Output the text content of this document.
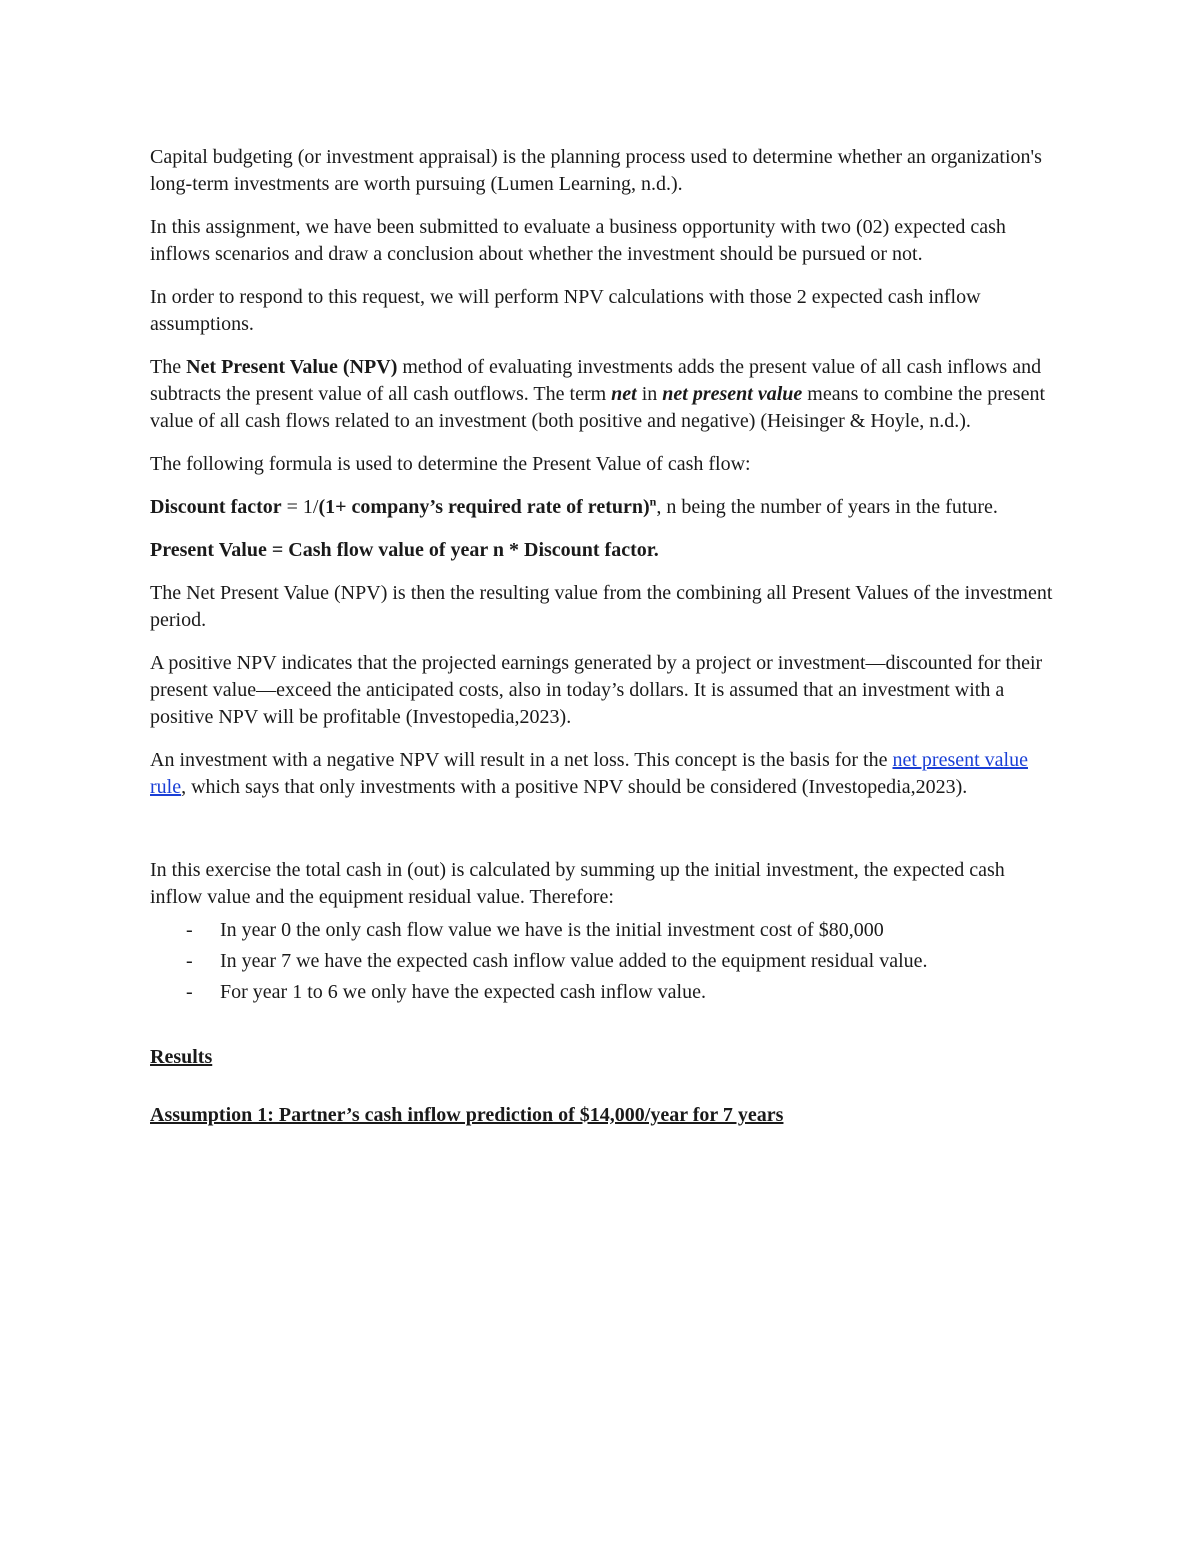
Capital budgeting (or investment appraisal) is the planning process used to determine whether an organization's long-term investments are worth pursuing (Lumen Learning, n.d.).

In this assignment, we have been submitted to evaluate a business opportunity with two (02) expected cash inflows scenarios and draw a conclusion about whether the investment should be pursued or not.

In order to respond to this request, we will perform NPV calculations with those 2 expected cash inflow assumptions.

The Net Present Value (NPV) method of evaluating investments adds the present value of all cash inflows and subtracts the present value of all cash outflows. The term net in net present value means to combine the present value of all cash flows related to an investment (both positive and negative) (Heisinger & Hoyle, n.d.).

The following formula is used to determine the Present Value of cash flow:

Discount factor = 1/(1+ company’s required rate of return)$^n$, n being the number of years in the future.

Present Value = Cash flow value of year n * Discount factor.

The Net Present Value (NPV) is then the resulting value from the combining all Present Values of the investment period.

A positive NPV indicates that the projected earnings generated by a project or investment—discounted for their present value—exceed the anticipated costs, also in today’s dollars. It is assumed that an investment with a positive NPV will be profitable (Investopedia,2023).

An investment with a negative NPV will result in a net loss. This concept is the basis for the net present value rule, which says that only investments with a positive NPV should be considered (Investopedia,2023).

In this exercise the total cash in (out) is calculated by summing up the initial investment, the expected cash inflow value and the equipment residual value. Therefore:

- In year 0 the only cash flow value we have is the initial investment cost of $80,000
- In year 7 we have the expected cash inflow value added to the equipment residual value.
- For year 1 to 6 we only have the expected cash inflow value.

Results

Assumption 1: Partner’s cash inflow prediction of $14,000/year for 7 years
